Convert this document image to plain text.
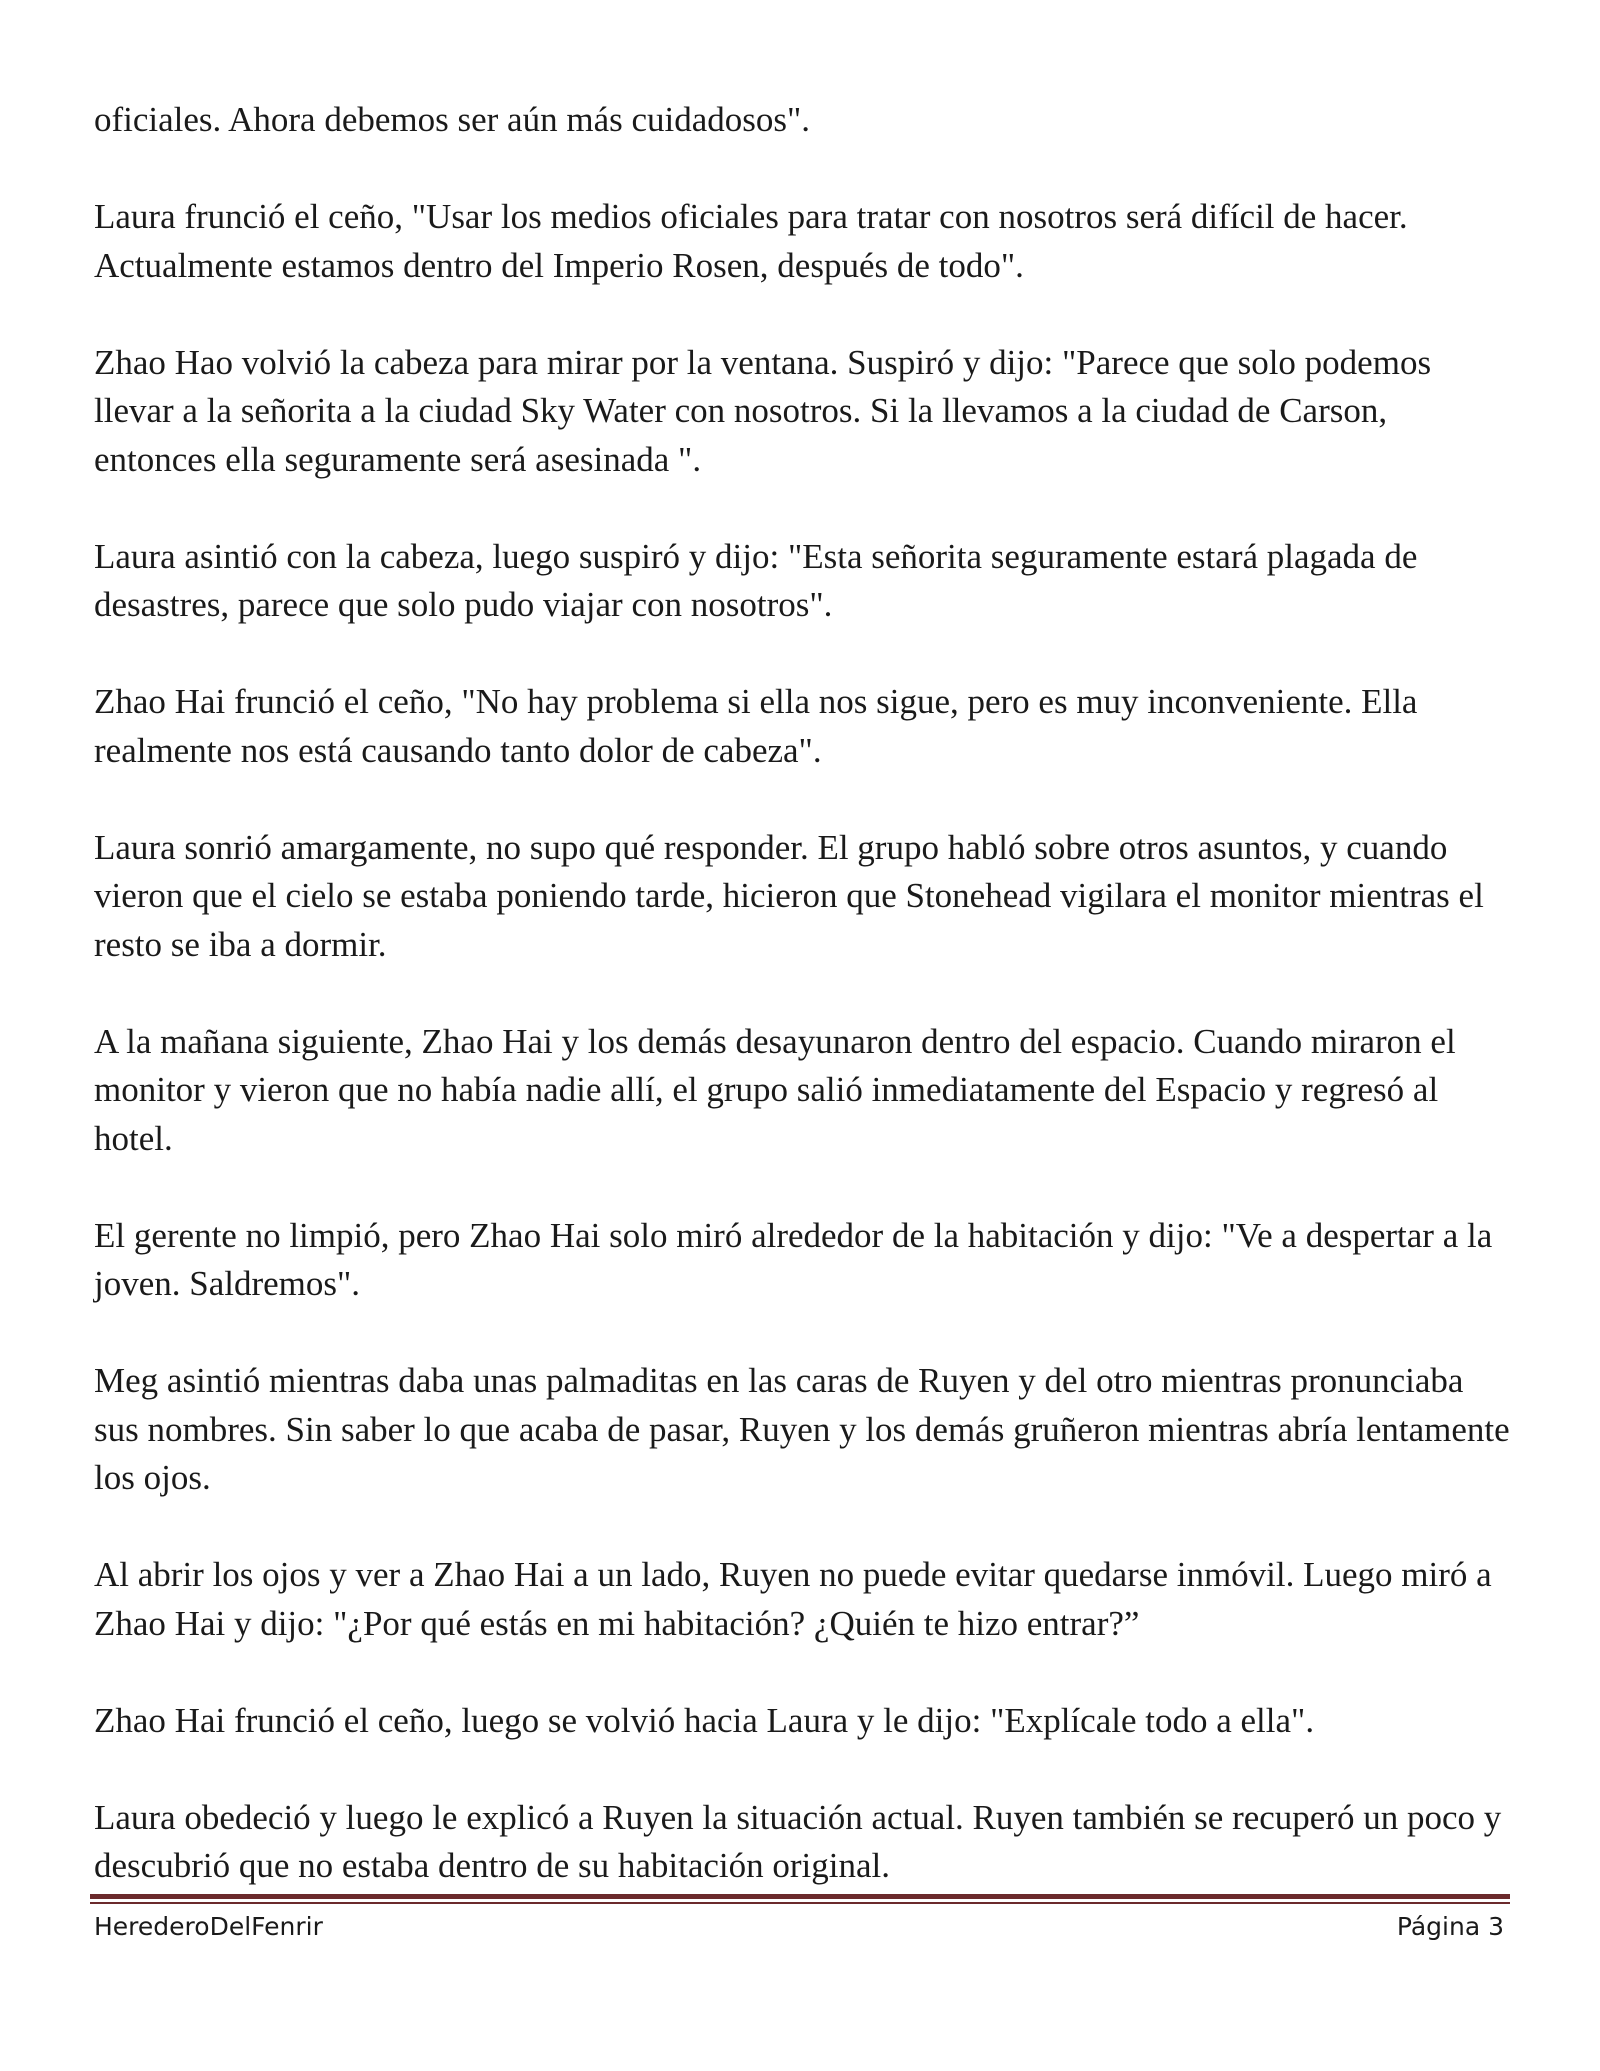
oficiales. Ahora debemos ser aún más cuidadosos".

Laura frunció el ceño, "Usar los medios oficiales para tratar con nosotros será difícil de hacer. Actualmente estamos dentro del Imperio Rosen, después de todo".

Zhao Hao volvió la cabeza para mirar por la ventana. Suspiró y dijo: "Parece que solo podemos llevar a la señorita a la ciudad Sky Water con nosotros. Si la llevamos a la ciudad de Carson, entonces ella seguramente será asesinada ".

Laura asintió con la cabeza, luego suspiró y dijo: "Esta señorita seguramente estará plagada de desastres, parece que solo pudo viajar con nosotros".

Zhao Hai frunció el ceño, "No hay problema si ella nos sigue, pero es muy inconveniente. Ella realmente nos está causando tanto dolor de cabeza".

Laura sonrió amargamente, no supo qué responder. El grupo habló sobre otros asuntos, y cuando vieron que el cielo se estaba poniendo tarde, hicieron que Stonehead vigilara el monitor mientras el resto se iba a dormir.

A la mañana siguiente, Zhao Hai y los demás desayunaron dentro del espacio. Cuando miraron el monitor y vieron que no había nadie allí, el grupo salió inmediatamente del Espacio y regresó al hotel.

El gerente no limpió, pero Zhao Hai solo miró alrededor de la habitación y dijo: "Ve a despertar a la joven. Saldremos".

Meg asintió mientras daba unas palmaditas en las caras de Ruyen y del otro mientras pronunciaba sus nombres. Sin saber lo que acaba de pasar, Ruyen y los demás gruñeron mientras abría lentamente los ojos.

Al abrir los ojos y ver a Zhao Hai a un lado, Ruyen no puede evitar quedarse inmóvil. Luego miró a Zhao Hai y dijo: "¿Por qué estás en mi habitación? ¿Quién te hizo entrar?”

Zhao Hai frunció el ceño, luego se volvió hacia Laura y le dijo: "Explícale todo a ella".

Laura obedeció y luego le explicó a Ruyen la situación actual. Ruyen también se recuperó un poco y descubrió que no estaba dentro de su habitación original.

HerederoDelFenrir	Página 3
